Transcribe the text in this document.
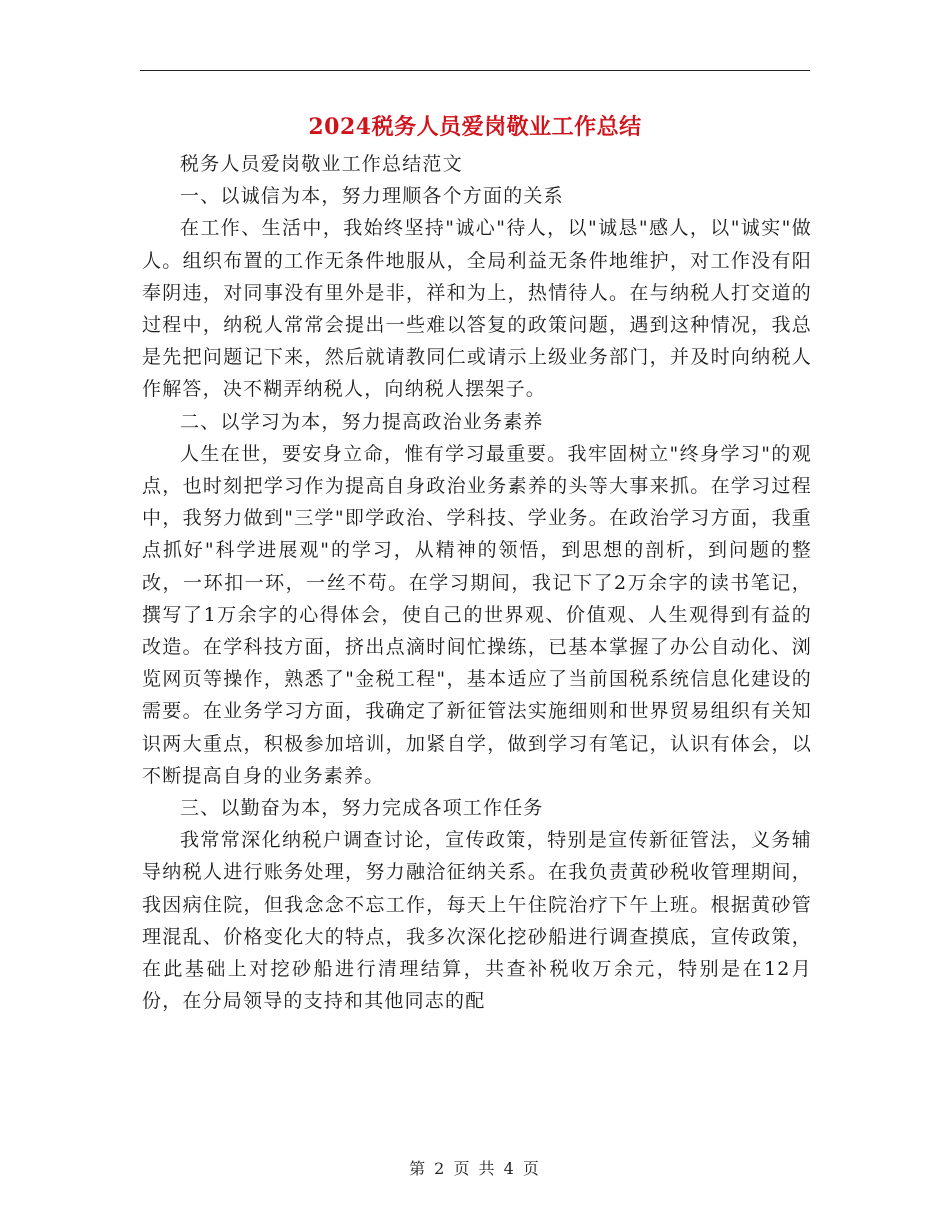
2024税务人员爱岗敬业工作总结

税务人员爱岗敬业工作总结范文

一、以诚信为本，努力理顺各个方面的关系

在工作、生活中，我始终坚持"诚心"待人，以"诚恳"感人，以"诚实"做人。组织布置的工作无条件地服从，全局利益无条件地维护，对工作没有阳奉阴违，对同事没有里外是非，祥和为上，热情待人。在与纳税人打交道的过程中，纳税人常常会提出一些难以答复的政策问题，遇到这种情况，我总是先把问题记下来，然后就请教同仁或请示上级业务部门，并及时向纳税人作解答，决不糊弄纳税人，向纳税人摆架子。

二、以学习为本，努力提高政治业务素养

人生在世，要安身立命，惟有学习最重要。我牢固树立"终身学习"的观点，也时刻把学习作为提高自身政治业务素养的头等大事来抓。在学习过程中，我努力做到"三学"即学政治、学科技、学业务。在政治学习方面，我重点抓好"科学进展观"的学习，从精神的领悟，到思想的剖析，到问题的整改，一环扣一环，一丝不苟。在学习期间，我记下了2万余字的读书笔记，撰写了1万余字的心得体会，使自己的世界观、价值观、人生观得到有益的改造。在学科技方面，挤出点滴时间忙操练，已基本掌握了办公自动化、浏览网页等操作，熟悉了"金税工程"，基本适应了当前国税系统信息化建设的需要。在业务学习方面，我确定了新征管法实施细则和世界贸易组织有关知识两大重点，积极参加培训，加紧自学，做到学习有笔记，认识有体会，以不断提高自身的业务素养。

三、以勤奋为本，努力完成各项工作任务

我常常深化纳税户调查讨论，宣传政策，特别是宣传新征管法，义务辅导纳税人进行账务处理，努力融洽征纳关系。在我负责黄砂税收管理期间，我因病住院，但我念念不忘工作，每天上午住院治疗下午上班。根据黄砂管理混乱、价格变化大的特点，我多次深化挖砂船进行调查摸底，宣传政策，在此基础上对挖砂船进行清理结算，共查补税收万余元，特别是在12月份，在分局领导的支持和其他同志的配

第 2 页 共 4 页
